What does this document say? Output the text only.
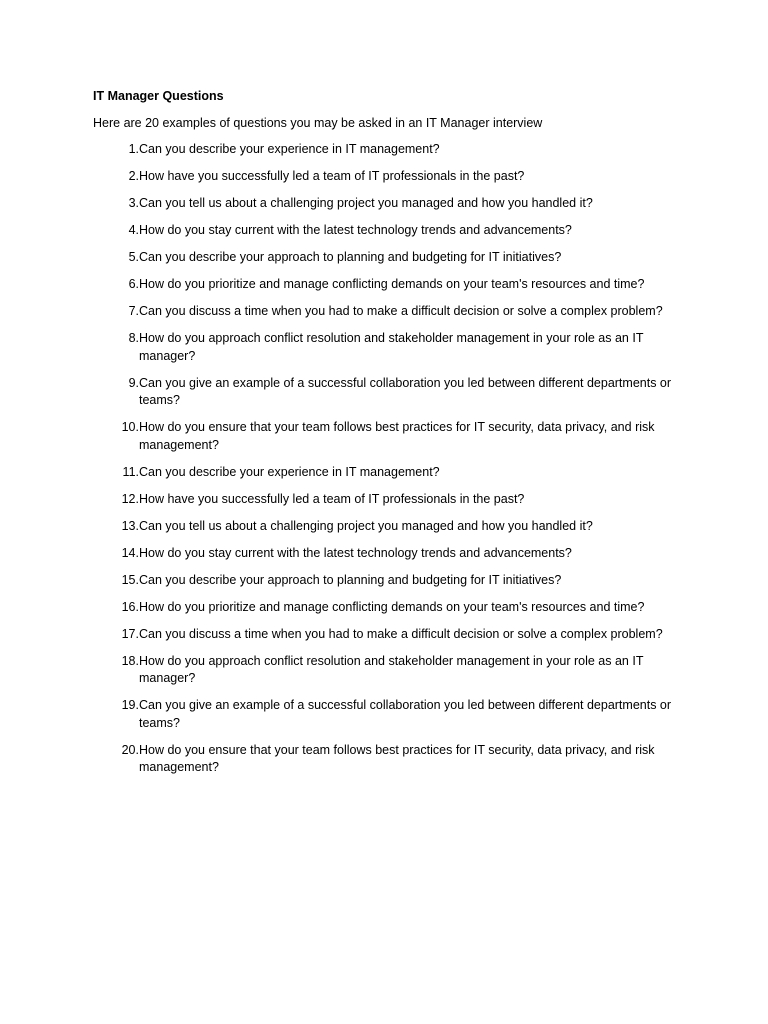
IT Manager Questions
Here are 20 examples of questions you may be asked in an IT Manager interview
1. Can you describe your experience in IT management?
2. How have you successfully led a team of IT professionals in the past?
3. Can you tell us about a challenging project you managed and how you handled it?
4. How do you stay current with the latest technology trends and advancements?
5. Can you describe your approach to planning and budgeting for IT initiatives?
6. How do you prioritize and manage conflicting demands on your team's resources and time?
7. Can you discuss a time when you had to make a difficult decision or solve a complex problem?
8. How do you approach conflict resolution and stakeholder management in your role as an IT manager?
9. Can you give an example of a successful collaboration you led between different departments or teams?
10. How do you ensure that your team follows best practices for IT security, data privacy, and risk management?
11. Can you describe your experience in IT management?
12. How have you successfully led a team of IT professionals in the past?
13. Can you tell us about a challenging project you managed and how you handled it?
14. How do you stay current with the latest technology trends and advancements?
15. Can you describe your approach to planning and budgeting for IT initiatives?
16. How do you prioritize and manage conflicting demands on your team's resources and time?
17. Can you discuss a time when you had to make a difficult decision or solve a complex problem?
18. How do you approach conflict resolution and stakeholder management in your role as an IT manager?
19. Can you give an example of a successful collaboration you led between different departments or teams?
20. How do you ensure that your team follows best practices for IT security, data privacy, and risk management?
